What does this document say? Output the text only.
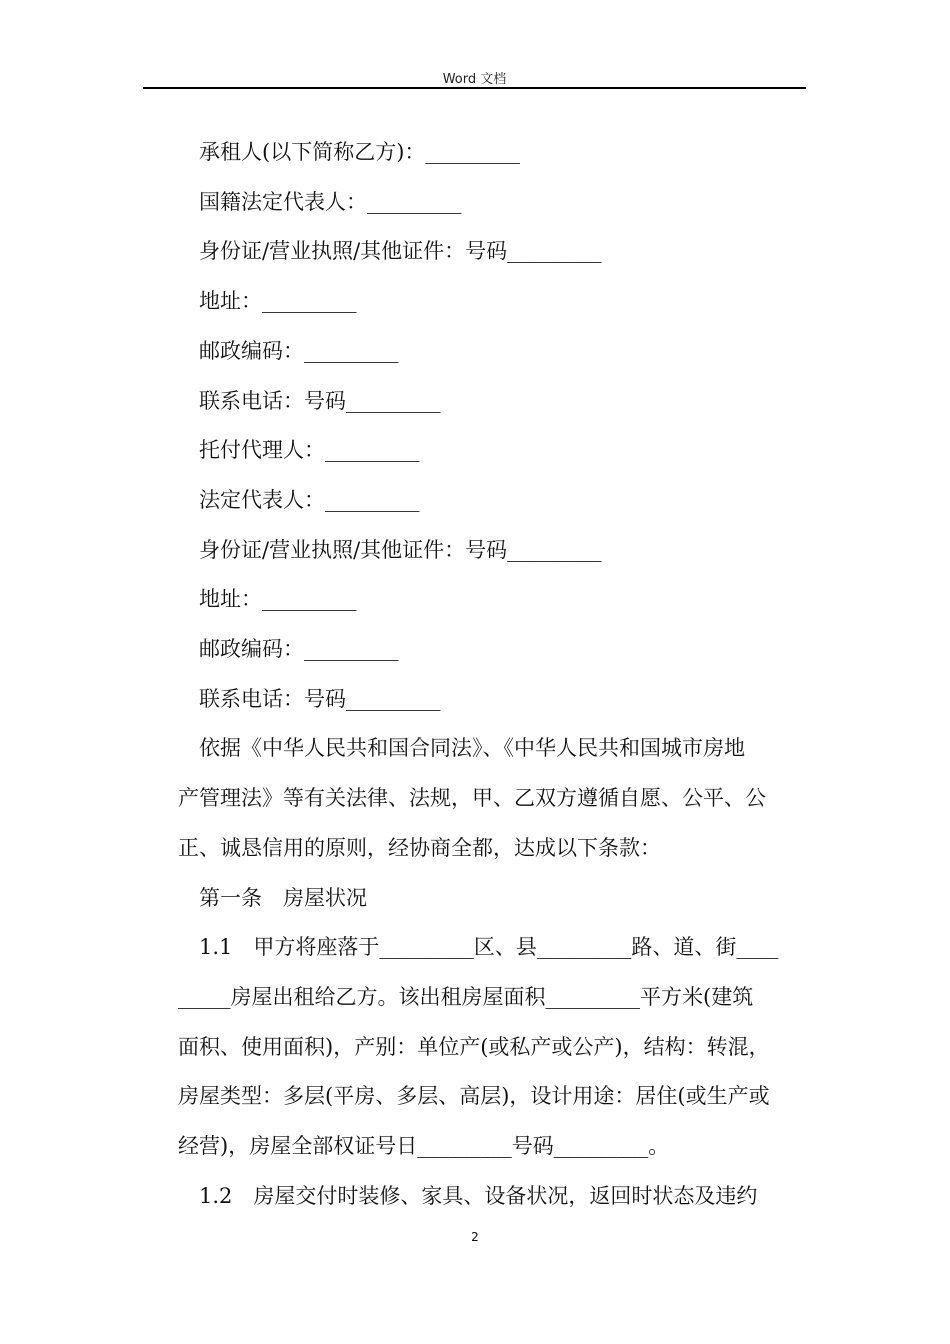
Word 文档
承租人(以下简称乙方)：_________
国籍法定代表人：_________
身份证/营业执照/其他证件：号码_________
地址：_________
邮政编码：_________
联系电话：号码_________
托付代理人：_________
法定代表人：_________
身份证/营业执照/其他证件：号码_________
地址：_________
邮政编码：_________
联系电话：号码_________
依据《中华人民共和国合同法》、《中华人民共和国城市房地
产管理法》等有关法律、法规，甲、乙双方遵循自愿、公平、公
正、诚恳信用的原则，经协商全都，达成以下条款：
第一条　房屋状况
1.1　甲方将座落于_________区、县_________路、道、街____
_____房屋出租给乙方。该出租房屋面积_________平方米(建筑
面积、使用面积)，产别：单位产(或私产或公产)，结构：转混，
房屋类型：多层(平房、多层、高层)，设计用途：居住(或生产或
经营)，房屋全部权证号日_________号码_________。
1.2　房屋交付时装修、家具、设备状况，返回时状态及违约
2
